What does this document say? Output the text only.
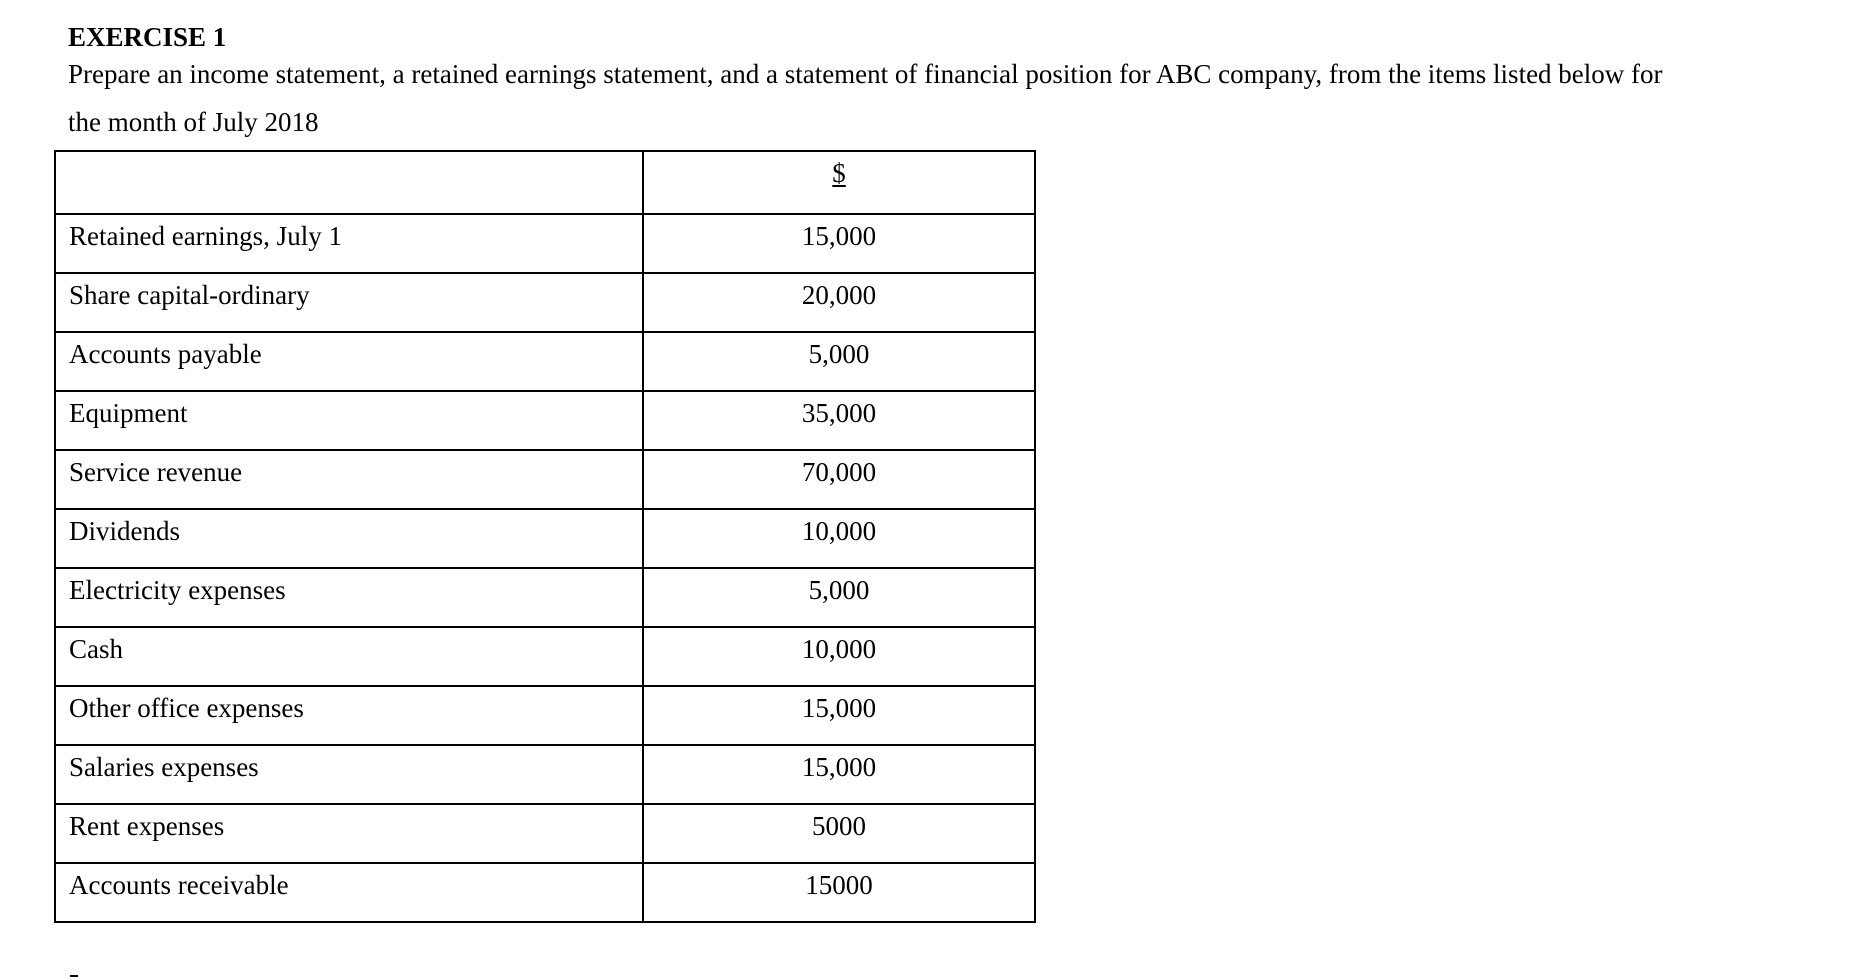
EXERCISE 1
Prepare an income statement, a retained earnings statement, and a statement of financial position for ABC company, from the items listed below for
the month of July 2018
	$
Retained earnings, July 1	15,000
Share capital-ordinary	20,000
Accounts payable	5,000
Equipment	35,000
Service revenue	70,000
Dividends	10,000
Electricity expenses	5,000
Cash	10,000
Other office expenses	15,000
Salaries expenses	15,000
Rent expenses	5000
Accounts receivable	15000
